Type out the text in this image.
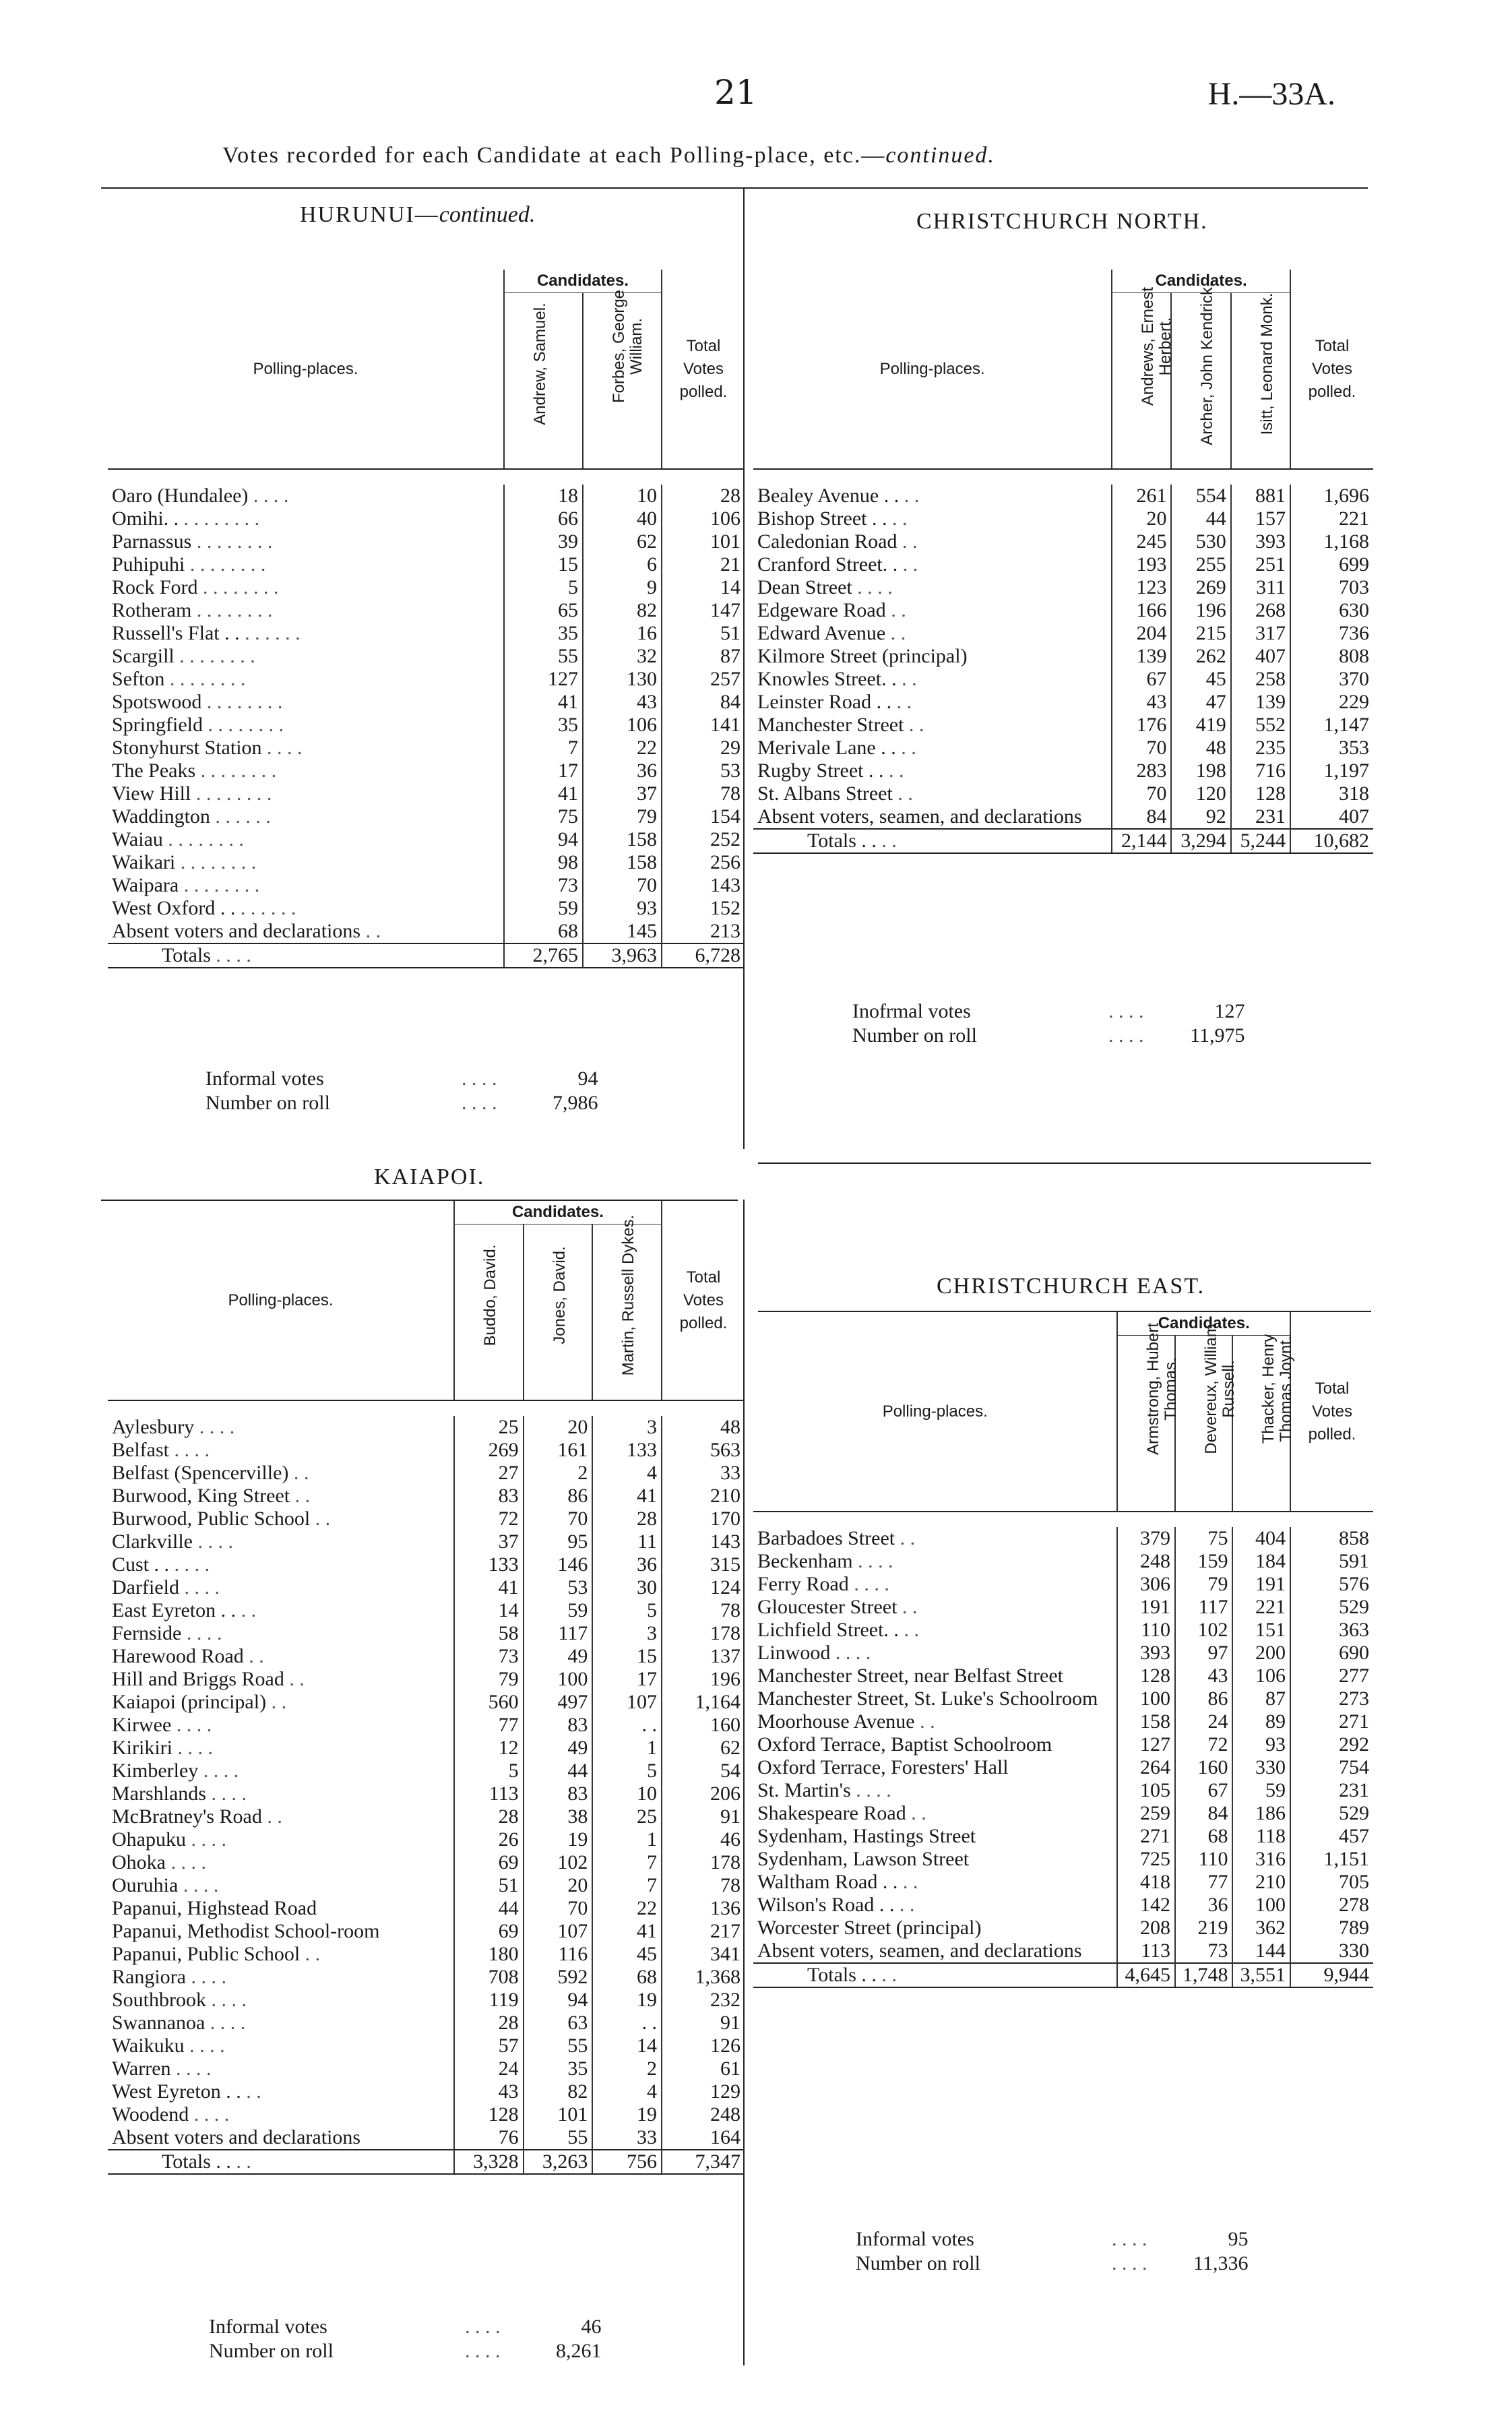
21	H.—33A.
Votes recorded for each Candidate at each Polling-place, etc.—continued.
HURUNUI—continued.
Polling-places.	Candidates.		Total Votes polled.

	Andrew, Samuel.	Forbes, George William.	

Oaro (Hundalee) . . . .	18	10	28
Omihi. . . . . . . . . .	66	40	106
Parnassus . . . . . . . .	39	62	101
Puhipuhi . . . . . . . .	15	6	21
Rock Ford . . . . . . . .	5	9	14
Rotheram . . . . . . . .	65	82	147
Russell's Flat . . . . . . . .	35	16	51
Scargill . . . . . . . .	55	32	87
Sefton . . . . . . . .	127	130	257
Spotswood . . . . . . . .	41	43	84
Springfield . . . . . . . .	35	106	141
Stonyhurst Station . . . .	7	22	29
The Peaks . . . . . . . .	17	36	53
View Hill . . . . . . . .	41	37	78
Waddington . . . . . .	75	79	154
Waiau . . . . . . . .	94	158	252
Waikari . . . . . . . .	98	158	256
Waipara . . . . . . . .	73	70	143
West Oxford . . . . . . . .	59	93	152
Absent voters and declarations . .	68	145	213
Totals . . . .	2,765	3,963	6,728
Informal votes	. . . .	94
Number on roll	. . . .	7,986
KAIAPOI.
Polling-places.	Candidates.			Total Votes polled.

	Buddo, David.	Jones, David.	Martin, Russell Dykes.	

Aylesbury . . . .	25	20	3	48
Belfast . . . .	269	161	133	563
Belfast (Spencerville) . .	27	2	4	33
Burwood, King Street . .	83	86	41	210
Burwood, Public School . .	72	70	28	170
Clarkville . . . .	37	95	11	143
Cust . . . . . .	133	146	36	315
Darfield . . . .	41	53	30	124
East Eyreton . . . .	14	59	5	78
Fernside . . . .	58	117	3	178
Harewood Road . .	73	49	15	137
Hill and Briggs Road . .	79	100	17	196
Kaiapoi (principal) . .	560	497	107	1,164
Kirwee . . . .	77	83	. .	160
Kirikiri . . . .	12	49	1	62
Kimberley . . . .	5	44	5	54
Marshlands . . . .	113	83	10	206
McBratney's Road . .	28	38	25	91
Ohapuku . . . .	26	19	1	46
Ohoka . . . .	69	102	7	178
Ouruhia . . . .	51	20	7	78
Papanui, Highstead Road	44	70	22	136
Papanui, Methodist School-room	69	107	41	217
Papanui, Public School . .	180	116	45	341
Rangiora . . . .	708	592	68	1,368
Southbrook . . . .	119	94	19	232
Swannanoa . . . .	28	63	. .	91
Waikuku . . . .	57	55	14	126
Warren . . . .	24	35	2	61
West Eyreton . . . .	43	82	4	129
Woodend . . . .	128	101	19	248
Absent voters and declarations	76	55	33	164
Totals . . . .	3,328	3,263	756	7,347
Informal votes	. . . .	46
Number on roll	. . . .	8,261
CHRISTCHURCH NORTH.
Polling-places.	Candidates.			Total Votes polled.

	Andrews, Ernest Herbert.	Archer, John Kendrick.	Isitt, Leonard Monk.	

Bealey Avenue . . . .	261	554	881	1,696
Bishop Street . . . .	20	44	157	221
Caledonian Road . .	245	530	393	1,168
Cranford Street. . . .	193	255	251	699
Dean Street . . . .	123	269	311	703
Edgeware Road . .	166	196	268	630
Edward Avenue . .	204	215	317	736
Kilmore Street (principal)	139	262	407	808
Knowles Street. . . .	67	45	258	370
Leinster Road . . . .	43	47	139	229
Manchester Street . .	176	419	552	1,147
Merivale Lane . . . .	70	48	235	353
Rugby Street . . . .	283	198	716	1,197
St. Albans Street . .	70	120	128	318
Absent voters, seamen, and declarations	84	92	231	407
Totals . . . .	2,144	3,294	5,244	10,682
Inofrmal votes	. . . .	127
Number on roll	. . . . 11,975
CHRISTCHURCH EAST.
Polling-places.	Candidates.			Total Votes polled.

	Armstrong, Hubert Thomas.	Devereux, William Russell.	Thacker, Henry Thomas Joynt.	

Barbadoes Street . .	379	75	404	858
Beckenham . . . .	248	159	184	591
Ferry Road . . . .	306	79	191	576
Gloucester Street . .	191	117	221	529
Lichfield Street. . . .	110	102	151	363
Linwood . . . .	393	97	200	690
Manchester Street, near Belfast Street	128	43	106	277
Manchester Street, St. Luke's Schoolroom	100	86	87	273
Moorhouse Avenue . .	158	24	89	271
Oxford Terrace, Baptist Schoolroom	127	72	93	292
Oxford Terrace, Foresters' Hall	264	160	330	754
St. Martin's . . . .	105	67	59	231
Shakespeare Road . .	259	84	186	529
Sydenham, Hastings Street	271	68	118	457
Sydenham, Lawson Street	725	110	316	1,151
Waltham Road . . . .	418	77	210	705
Wilson's Road . . . .	142	36	100	278
Worcester Street (principal)	208	219	362	789
Absent voters, seamen, and declarations	113	73	144	330
Totals . . . .	4,645	1,748	3,551	9,944
Informal votes	. . . .	95
Number on roll	. . . . 11,336
